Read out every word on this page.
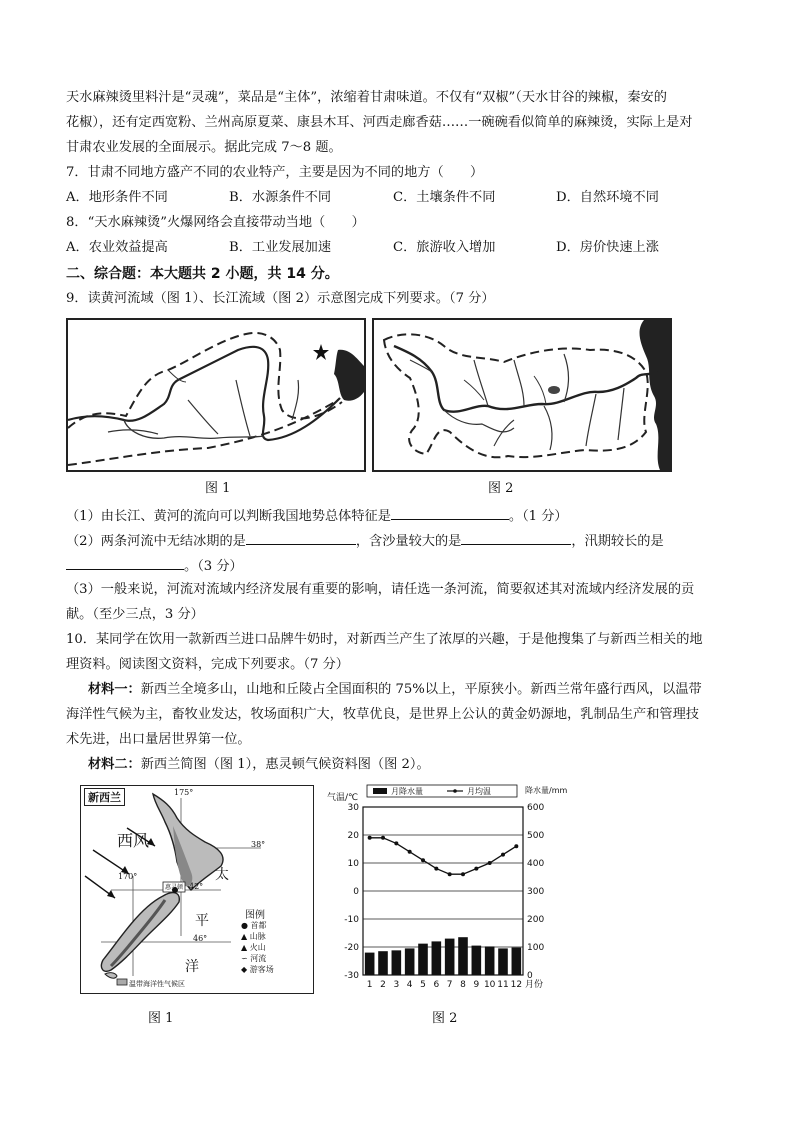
天水麻辣烫里料汁是“灵魂”，菜品是“主体”，浓缩着甘肃味道。不仅有“双椒”（天水甘谷的辣椒，秦安的
花椒），还有定西宽粉、兰州高原夏菜、康县木耳、河西走廊香菇……一碗碗看似简单的麻辣烫，实际上是对
甘肃农业发展的全面展示。据此完成 7～8 题。
7．甘肃不同地方盛产不同的农业特产，主要是因为不同的地方（　　）
A．地形条件不同	B．水源条件不同	C．土壤条件不同	D．自然环境不同
8．“天水麻辣烫”火爆网络会直接带动当地（　　）
A．农业效益提高	B．工业发展加速	C．旅游收入增加	D．房价快速上涨
二、综合题：本大题共 2 小题，共 14 分。
9．读黄河流域（图 1）、长江流域（图 2）示意图完成下列要求。（7 分）
图 1	图 2
（1）由长江、黄河的流向可以判断我国地势总体特征是	。（1 分）
（2）两条河流中无结冰期的是	，含沙量较大的是	，汛期较长的是
。（3 分）
（3）一般来说，河流对流域内经济发展有重要的影响，请任选一条河流，简要叙述其对流域内经济发展的贡
献。（至少三点，3 分）
10．某同学在饮用一款新西兰进口品牌牛奶时，对新西兰产生了浓厚的兴趣，于是他搜集了与新西兰相关的地
理资料。阅读图文资料，完成下列要求。（7 分）
材料一：新西兰全境多山，山地和丘陵占全国面积的 75%以上，平原狭小。新西兰常年盛行西风，以温带
海洋性气候为主，畜牧业发达，牧场面积广大，牧草优良，是世界上公认的黄金奶源地，乳制品生产和管理技
术先进，出口量居世界第一位。
材料二：新西兰简图（图 1），惠灵顿气候资料图（图 2）。
新西兰
西风
175°
170°
38°
42°
46°
惠灵顿
太
平
洋
图例
● 首都
▲ 山脉
▲ 火山
∽ 河流
◆ 游客场
温带海洋性气候区
30	600
20	500
10	400
0	300
-10	200
-20	100
-30	0
1 2 3 4 5 6 7 8 9 10 11 12
气温/℃
降水量/mm
月份
月降水量	月均温
图 1	图 2
